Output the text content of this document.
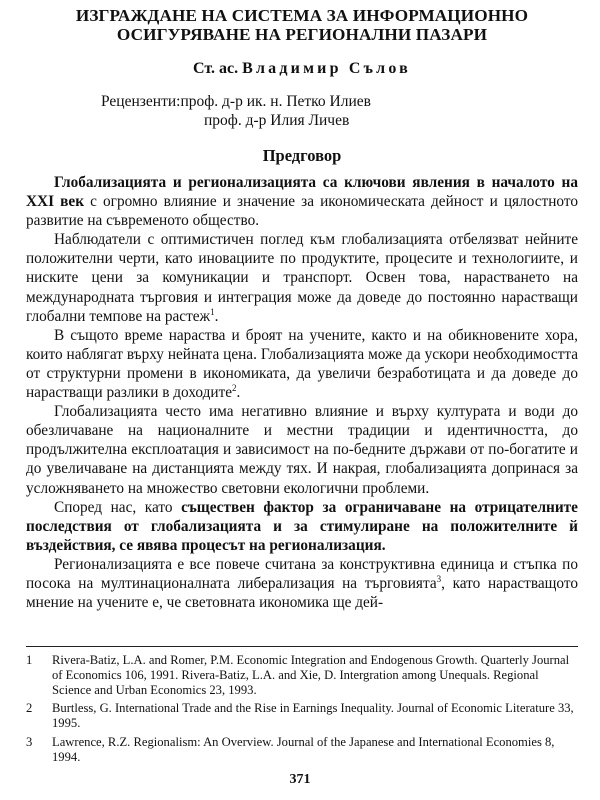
ИЗГРАЖДАНЕ НА СИСТЕМА ЗА ИНФОРМАЦИОННО
ОСИГУРЯВАНЕ НА РЕГИОНАЛНИ ПАЗАРИ
Ст. ас. Владимир Сълов
Рецензенти:проф. д-р ик. н. Петко Илиев
проф. д-р Илия Личев
Предговор

Глобализацията и регионализацията са ключови явления в началото на XXI век с огромно влияние и значение за икономическата дейност и цялостното развитие на съвременото общество.

Наблюдатели с оптимистичен поглед към глобализацията отбелязват нейните положителни черти, като иновациите по продуктите, процесите и технологиите, и ниските цени за комуникации и транспорт. Освен това, нарастването на международната търговия и интеграция може да доведе до постоянно нарастващи глобални темпове на растеж$^1$.

В същото време нараства и броят на учените, както и на обикновените хора, които наблягат върху нейната цена. Глобализацията може да ускори необходимостта от структурни промени в икономиката, да увеличи безработицата и да доведе до нарастващи разлики в доходите$^2$.

Глобализацията често има негативно влияние и върху културата и води до обезличаване на националните и местни традиции и идентичността, до продължителна експлоатация и зависимост на по-бедните държави от по-богатите и до увеличаване на дистанцията между тях. И накрая, глобализацията допринася за усложняването на множество световни екологични проблеми.

Според нас, като съществен фактор за ограничаване на отрицателните последствия от глобализацията и за стимулиране на положителните й въздействия, се явява процесът на регионализация.

Регионализацията е все повече считана за конструктивна единица и стъпка по посока на мултинационалната либерализация на търговията$^3$, като нарастващото мнение на учените е, че световната икономика ще дей-

1	Rivera-Batiz, L.A. and Romer, P.M. Economic Integration and Endogenous Growth. Quarterly Journal of Economics 106, 1991. Rivera-Batiz, L.A. and Xie, D. Intergration among Unequals. Regional Science and Urban Economics 23, 1993.
2	Burtless, G. International Trade and the Rise in Earnings Inequality. Journal of Economic Literature 33, 1995.
3	Lawrence, R.Z. Regionalism: An Overview. Journal of the Japanese and International Economies 8, 1994.
371
